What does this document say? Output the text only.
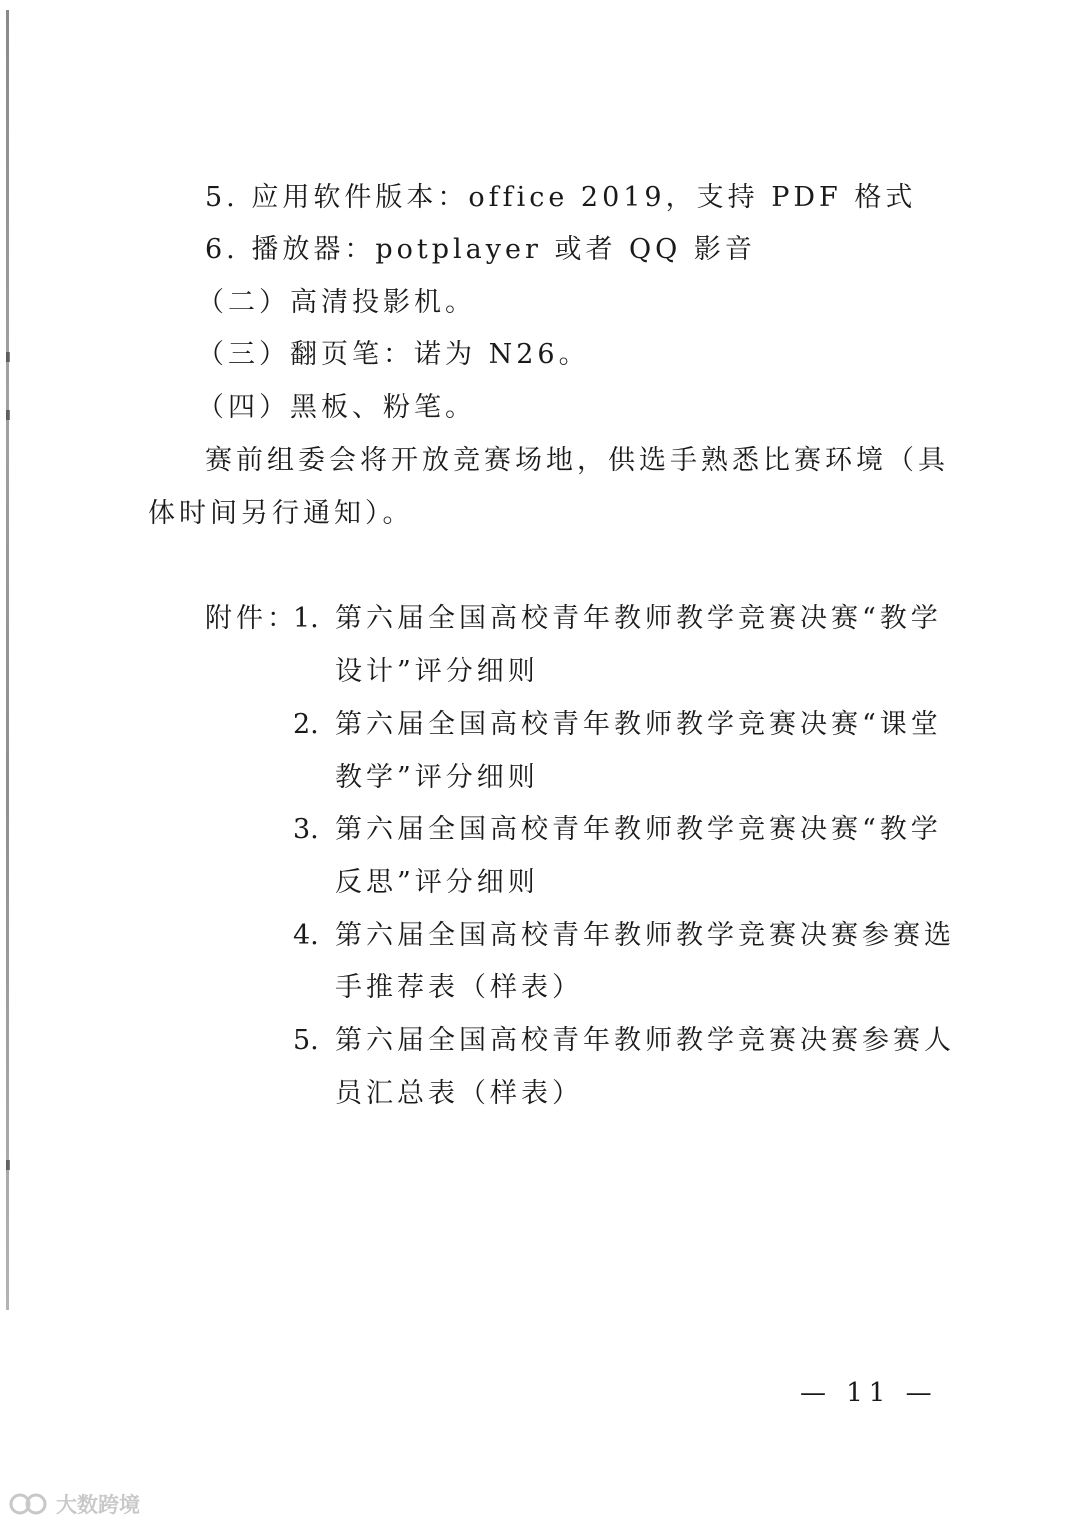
5. 应用软件版本：office 2019，支持 PDF 格式
6. 播放器：potplayer 或者 QQ 影音
（二）高清投影机。
（三）翻页笔：诺为 N26。
（四）黑板、粉笔。
赛前组委会将开放竞赛场地，供选手熟悉比赛环境（具
体时间另行通知）。
附件：
1. 第六届全国高校青年教师教学竞赛决赛“教学
设计”评分细则
2. 第六届全国高校青年教师教学竞赛决赛“课堂
教学”评分细则
3. 第六届全国高校青年教师教学竞赛决赛“教学
反思”评分细则
4. 第六届全国高校青年教师教学竞赛决赛参赛选
手推荐表（样表）
5. 第六届全国高校青年教师教学竞赛决赛参赛人
员汇总表（样表）
— 11 —
大数跨境
